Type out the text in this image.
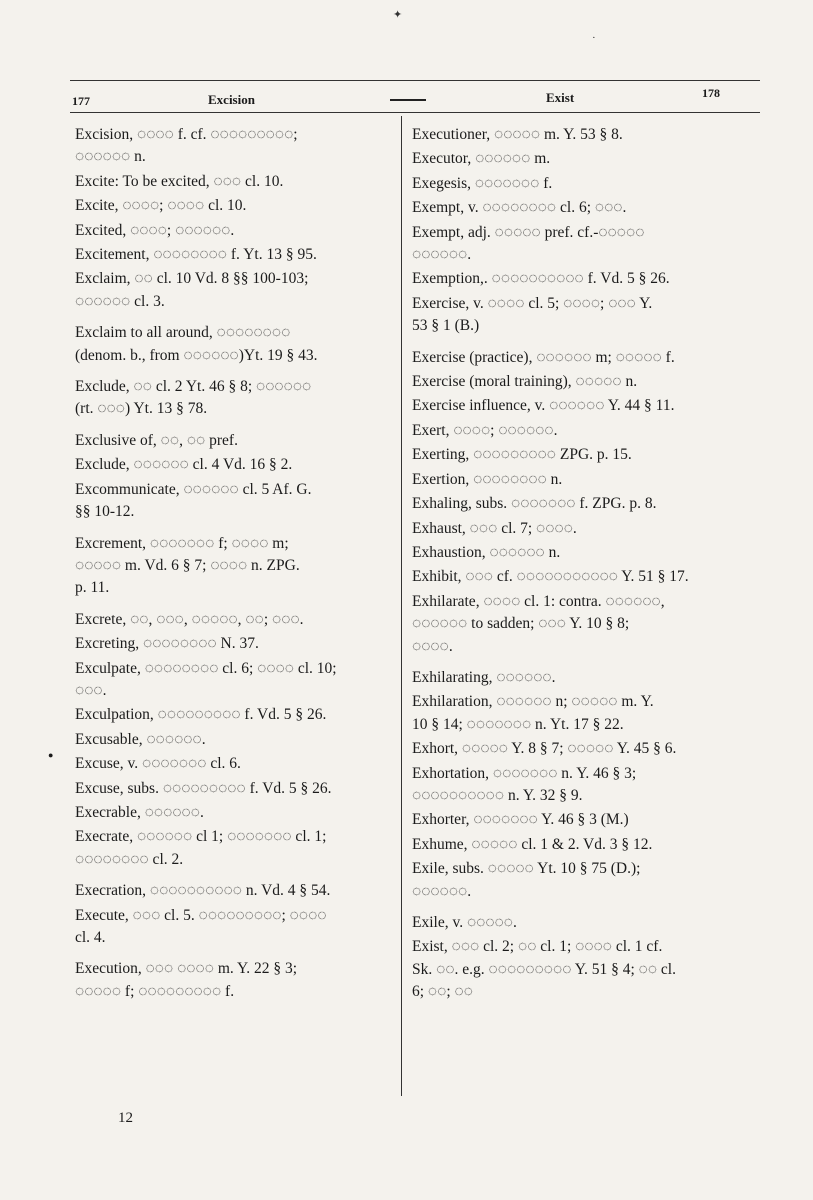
✦
·
177	Excision	Exist	178
Excision, ◌◌◌◌ f. cf. ◌◌◌◌◌◌◌◌◌;
◌◌◌◌◌◌ n.
Excite: To be excited, ◌◌◌ cl. 10.
Excite, ◌◌◌◌; ◌◌◌◌ cl. 10.
Excited, ◌◌◌◌; ◌◌◌◌◌◌.
Excitement, ◌◌◌◌◌◌◌◌ f. Yt. 13 § 95.
Exclaim, ◌◌ cl. 10 Vd. 8 §§ 100-103;
◌◌◌◌◌◌ cl. 3.
Exclaim to all around, ◌◌◌◌◌◌◌◌
(denom. b., from ◌◌◌◌◌◌)Yt. 19 § 43.
Exclude, ◌◌ cl. 2 Yt. 46 § 8; ◌◌◌◌◌◌
(rt. ◌◌◌) Yt. 13 § 78.
Exclusive of, ◌◌, ◌◌ pref.
Exclude, ◌◌◌◌◌◌ cl. 4 Vd. 16 § 2.
Excommunicate, ◌◌◌◌◌◌ cl. 5 Af. G.
§§ 10-12.
Excrement, ◌◌◌◌◌◌◌ f; ◌◌◌◌ m;
◌◌◌◌◌ m. Vd. 6 § 7; ◌◌◌◌ n. ZPG.
p. 11.
Excrete, ◌◌, ◌◌◌, ◌◌◌◌◌, ◌◌; ◌◌◌.
Excreting, ◌◌◌◌◌◌◌◌ N. 37.
Exculpate, ◌◌◌◌◌◌◌◌ cl. 6; ◌◌◌◌ cl. 10;
◌◌◌.
Exculpation, ◌◌◌◌◌◌◌◌◌ f. Vd. 5 § 26.
Excusable, ◌◌◌◌◌◌.
Excuse, v. ◌◌◌◌◌◌◌ cl. 6.
Excuse, subs. ◌◌◌◌◌◌◌◌◌ f. Vd. 5 § 26.
Execrable, ◌◌◌◌◌◌.
Execrate, ◌◌◌◌◌◌ cl 1; ◌◌◌◌◌◌◌ cl. 1;
◌◌◌◌◌◌◌◌ cl. 2.
Execration, ◌◌◌◌◌◌◌◌◌◌ n. Vd. 4 § 54.
Execute, ◌◌◌ cl. 5. ◌◌◌◌◌◌◌◌◌; ◌◌◌◌
cl. 4.
Execution, ◌◌◌ ◌◌◌◌ m. Y. 22 § 3;
◌◌◌◌◌ f; ◌◌◌◌◌◌◌◌◌ f.
Executioner, ◌◌◌◌◌ m. Y. 53 § 8.
Executor, ◌◌◌◌◌◌ m.
Exegesis, ◌◌◌◌◌◌◌ f.
Exempt, v. ◌◌◌◌◌◌◌◌ cl. 6; ◌◌◌.
Exempt, adj. ◌◌◌◌◌ pref. cf.-◌◌◌◌◌
◌◌◌◌◌◌.
Exemption,. ◌◌◌◌◌◌◌◌◌◌ f. Vd. 5 § 26.
Exercise, v. ◌◌◌◌ cl. 5; ◌◌◌◌; ◌◌◌ Y.
53 § 1 (B.)
Exercise (practice), ◌◌◌◌◌◌ m; ◌◌◌◌◌ f.
Exercise (moral training), ◌◌◌◌◌ n.
Exercise influence, v. ◌◌◌◌◌◌ Y. 44 § 11.
Exert, ◌◌◌◌; ◌◌◌◌◌◌.
Exerting, ◌◌◌◌◌◌◌◌◌ ZPG. p. 15.
Exertion, ◌◌◌◌◌◌◌◌ n.
Exhaling, subs. ◌◌◌◌◌◌◌ f. ZPG. p. 8.
Exhaust, ◌◌◌ cl. 7; ◌◌◌◌.
Exhaustion, ◌◌◌◌◌◌ n.
Exhibit, ◌◌◌ cf. ◌◌◌◌◌◌◌◌◌◌◌ Y. 51 § 17.
Exhilarate, ◌◌◌◌ cl. 1: contra. ◌◌◌◌◌◌,
◌◌◌◌◌◌ to sadden; ◌◌◌ Y. 10 § 8;
◌◌◌◌.
Exhilarating, ◌◌◌◌◌◌.
Exhilaration, ◌◌◌◌◌◌ n; ◌◌◌◌◌ m. Y.
10 § 14; ◌◌◌◌◌◌◌ n. Yt. 17 § 22.
Exhort, ◌◌◌◌◌ Y. 8 § 7; ◌◌◌◌◌ Y. 45 § 6.
Exhortation, ◌◌◌◌◌◌◌ n. Y. 46 § 3;
◌◌◌◌◌◌◌◌◌◌ n. Y. 32 § 9.
Exhorter, ◌◌◌◌◌◌◌ Y. 46 § 3 (M.)
Exhume, ◌◌◌◌◌ cl. 1 & 2. Vd. 3 § 12.
Exile, subs. ◌◌◌◌◌ Yt. 10 § 75 (D.);
◌◌◌◌◌◌.
Exile, v. ◌◌◌◌◌.
Exist, ◌◌◌ cl. 2; ◌◌ cl. 1; ◌◌◌◌ cl. 1 cf.
Sk. ◌◌. e.g. ◌◌◌◌◌◌◌◌◌ Y. 51 § 4; ◌◌ cl.
6; ◌◌; ◌◌
●
12
